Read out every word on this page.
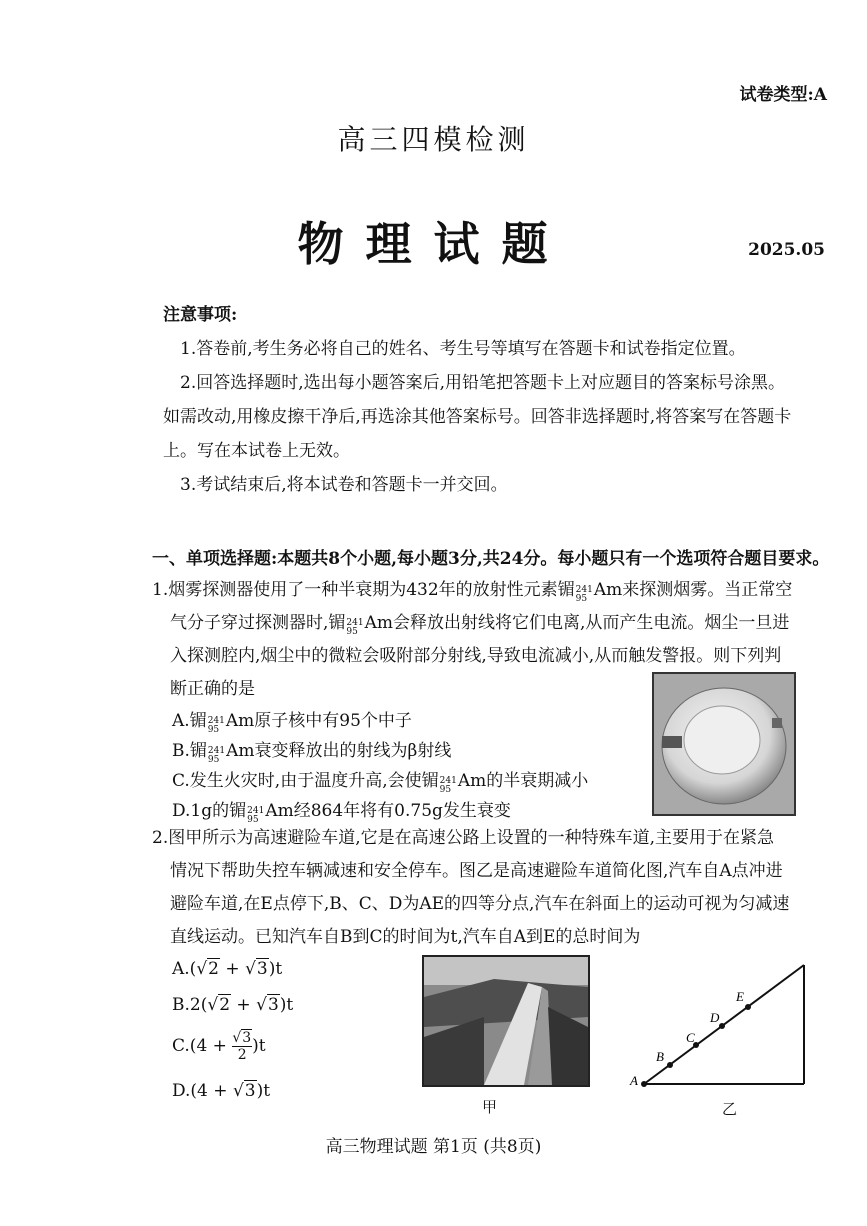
试卷类型:A
高三四模检测
物理试题	2025.05
注意事项:
1.答卷前,考生务必将自己的姓名、考生号等填写在答题卡和试卷指定位置。
2.回答选择题时,选出每小题答案后,用铅笔把答题卡上对应题目的答案标号涂黑。
如需改动,用橡皮擦干净后,再选涂其他答案标号。回答非选择题时,将答案写在答题卡
上。写在本试卷上无效。
3.考试结束后,将本试卷和答题卡一并交回。
一、单项选择题:本题共8个小题,每小题3分,共24分。每小题只有一个选项符合题目要求。
1.烟雾探测器使用了一种半衰期为432年的放射性元素镅 241
95 Am来探测烟雾。当正常空
气分子穿过探测器时,镅 241
95 Am会释放出射线将它们电离,从而产生电流。烟尘一旦进
入探测腔内,烟尘中的微粒会吸附部分射线,导致电流减小,从而触发警报。则下列判
断正确的是
A.镅 241
95 Am原子核中有95个中子
B.镅 241
95 Am衰变释放出的射线为β射线
C.发生火灾时,由于温度升高,会使镅 241
95 Am的半衰期减小
D.1g的镅 241
95 Am经864年将有0.75g发生衰变
2.图甲所示为高速避险车道,它是在高速公路上设置的一种特殊车道,主要用于在紧急
情况下帮助失控车辆减速和安全停车。图乙是高速避险车道简化图,汽车自A点冲进
避险车道,在E点停下,B、C、D为AE的四等分点,汽车在斜面上的运动可视为匀减速
直线运动。已知汽车自B到C的时间为t,汽车自A到E的总时间为
A.(√2 + √3)t
B.2(√2 + √3)t
$C.(4 + \frac{√3}{2} )t$
D.(4 + √3)t
甲
A
B
C
D
E
乙
高三物理试题 第1页 (共8页)
